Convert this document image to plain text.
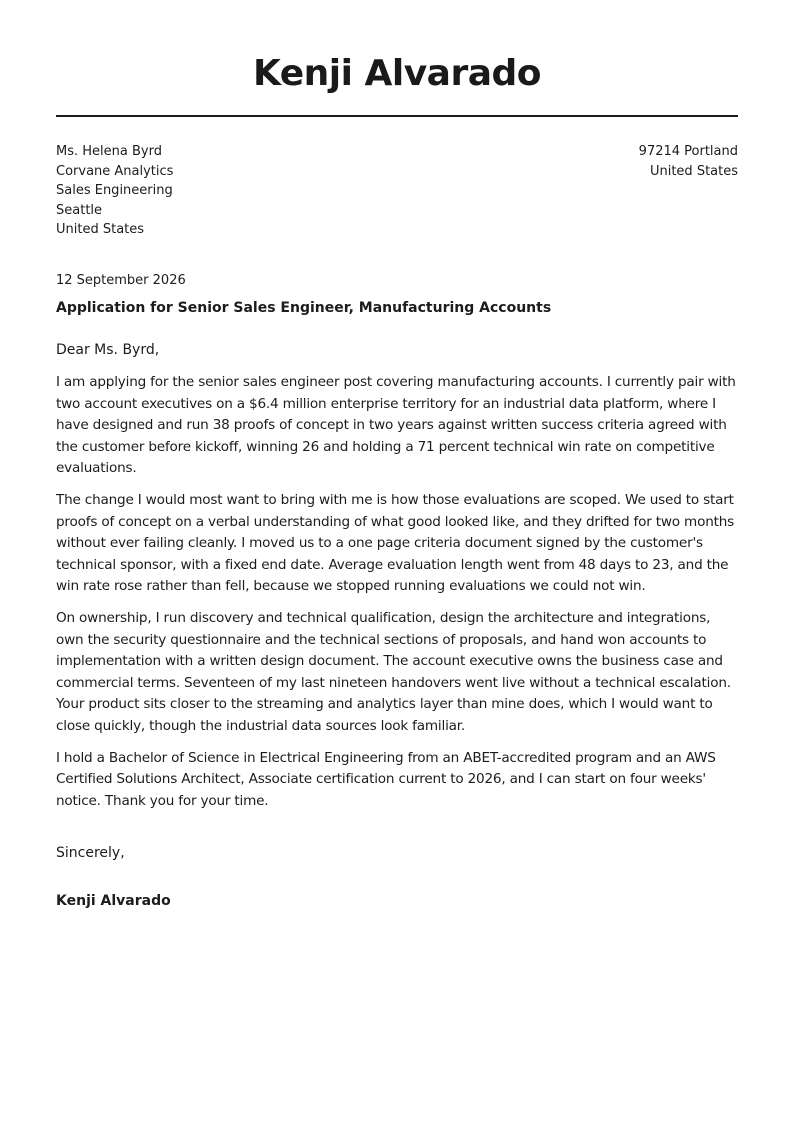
Kenji Alvarado
Ms. Helena Byrd
Corvane Analytics
Sales Engineering
Seattle
United States
97214 Portland
United States
12 September 2026
Application for Senior Sales Engineer, Manufacturing Accounts
Dear Ms. Byrd,

I am applying for the senior sales engineer post covering manufacturing accounts. I currently pair with two account executives on a $6.4 million enterprise territory for an industrial data platform, where I have designed and run 38 proofs of concept in two years against written success criteria agreed with the customer before kickoff, winning 26 and holding a 71 percent technical win rate on competitive evaluations.

The change I would most want to bring with me is how those evaluations are scoped. We used to start proofs of concept on a verbal understanding of what good looked like, and they drifted for two months without ever failing cleanly. I moved us to a one page criteria document signed by the customer's technical sponsor, with a fixed end date. Average evaluation length went from 48 days to 23, and the win rate rose rather than fell, because we stopped running evaluations we could not win.

On ownership, I run discovery and technical qualification, design the architecture and integrations, own the security questionnaire and the technical sections of proposals, and hand won accounts to implementation with a written design document. The account executive owns the business case and commercial terms. Seventeen of my last nineteen handovers went live without a technical escalation. Your product sits closer to the streaming and analytics layer than mine does, which I would want to close quickly, though the industrial data sources look familiar.

I hold a Bachelor of Science in Electrical Engineering from an ABET-accredited program and an AWS Certified Solutions Architect, Associate certification current to 2026, and I can start on four weeks' notice. Thank you for your time.

Sincerely,
Kenji Alvarado
